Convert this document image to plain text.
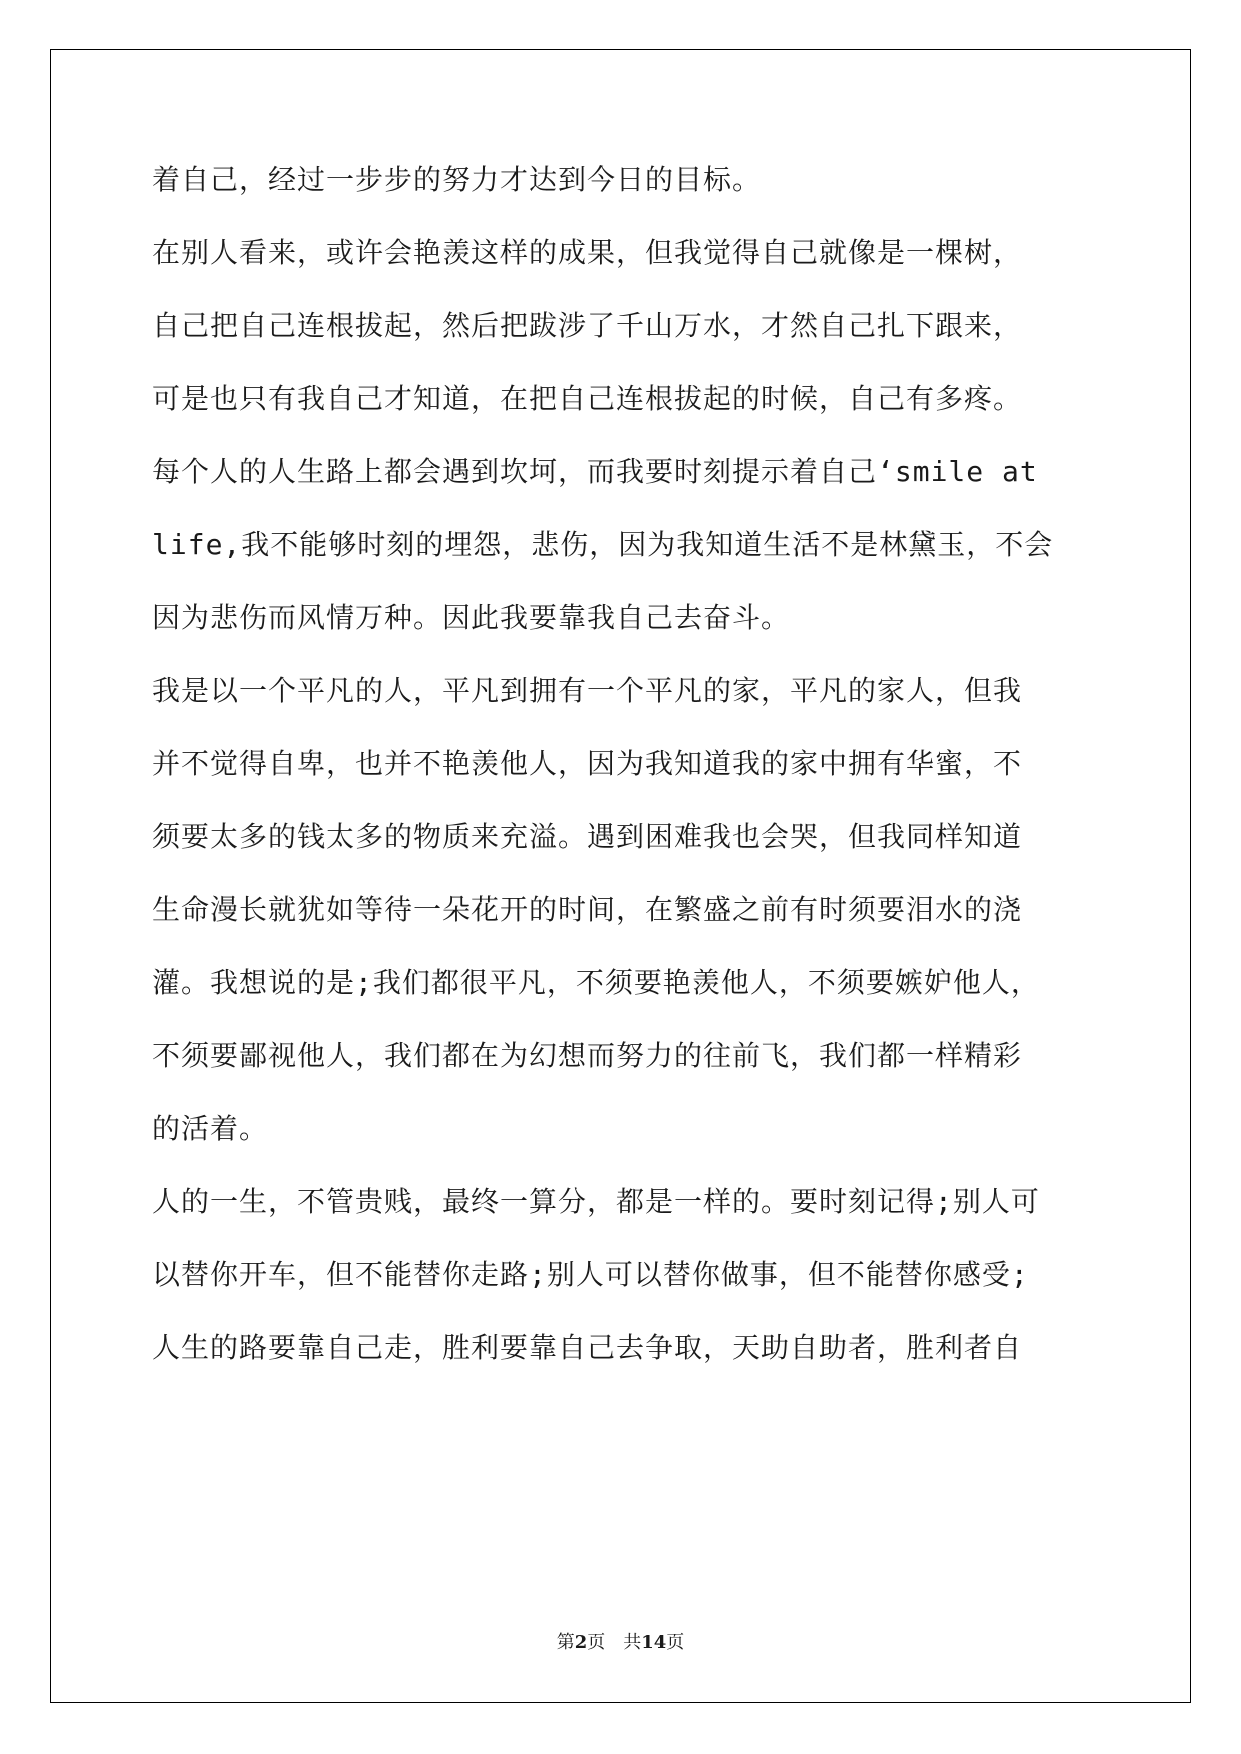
着自己，经过一步步的努力才达到今日的目标。
在别人看来，或许会艳羡这样的成果，但我觉得自己就像是一棵树，
自己把自己连根拔起，然后把跋涉了千山万水，才然自己扎下跟来，
可是也只有我自己才知道，在把自己连根拔起的时候，自己有多疼。
每个人的人生路上都会遇到坎坷，而我要时刻提示着自己‘smile at
life,我不能够时刻的埋怨，悲伤，因为我知道生活不是林黛玉，不会
因为悲伤而风情万种。因此我要靠我自己去奋斗。
我是以一个平凡的人，平凡到拥有一个平凡的家，平凡的家人，但我
并不觉得自卑，也并不艳羡他人，因为我知道我的家中拥有华蜜，不
须要太多的钱太多的物质来充溢。遇到困难我也会哭，但我同样知道
生命漫长就犹如等待一朵花开的时间，在繁盛之前有时须要泪水的浇
灌。我想说的是;我们都很平凡，不须要艳羡他人，不须要嫉妒他人，
不须要鄙视他人，我们都在为幻想而努力的往前飞，我们都一样精彩
的活着。
人的一生，不管贵贱，最终一算分，都是一样的。要时刻记得;别人可
以替你开车，但不能替你走路;别人可以替你做事，但不能替你感受;
人生的路要靠自己走，胜利要靠自己去争取，天助自助者，胜利者自
第2页 共14页
